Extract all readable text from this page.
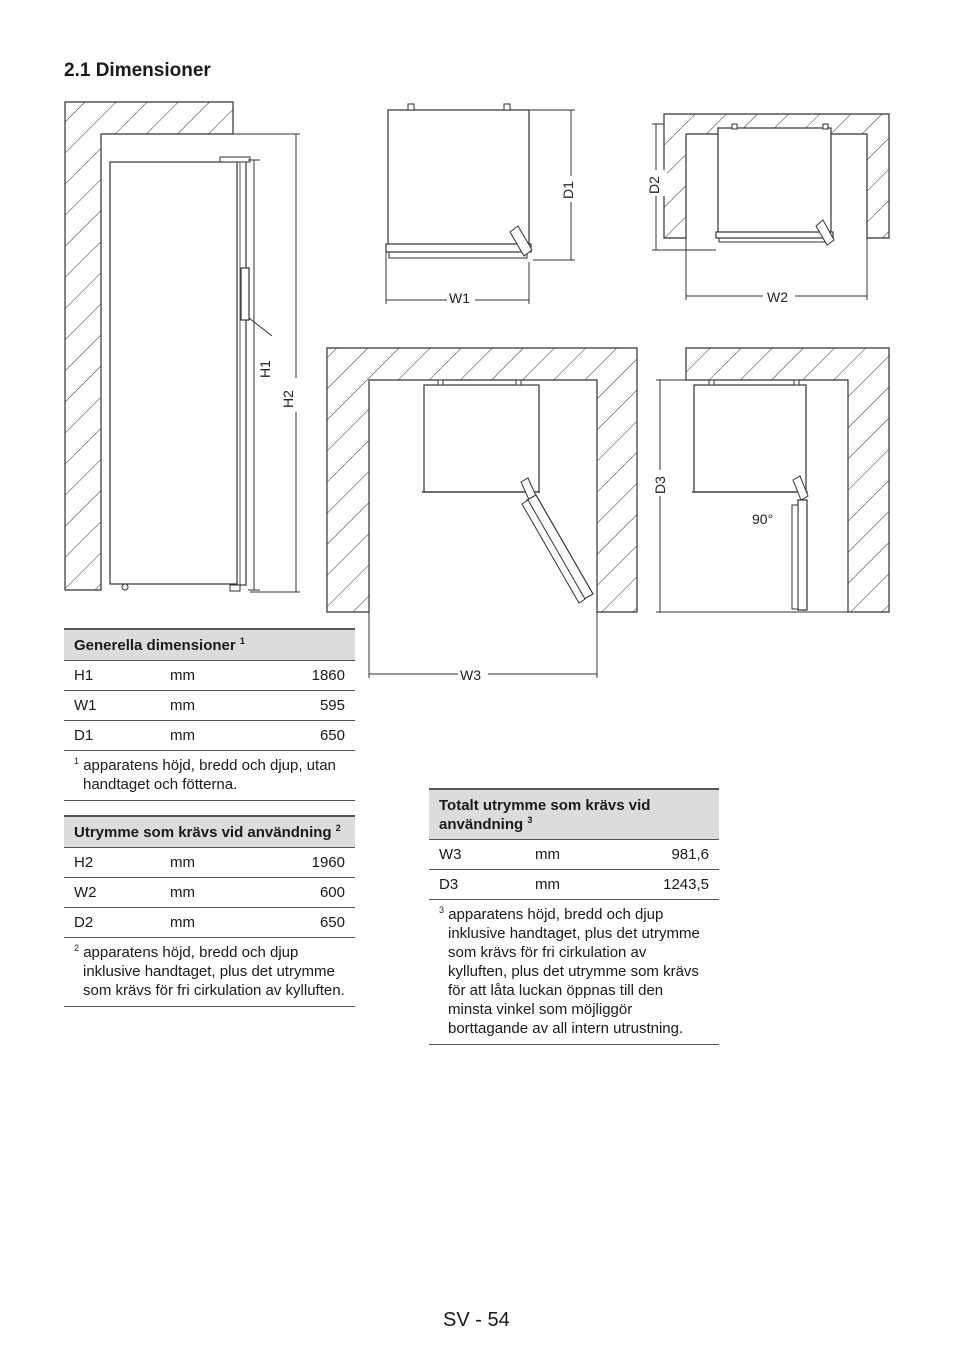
2.1 Dimensioner
H1
H2
W1
D1
W2
D2
W3
D3
90°
Generella dimensioner $^1$
H1	mm	1860
W1	mm	595
D1	mm	650

$^1$ apparatens höjd, bredd och djup, utan handtaget och fötterna.		
Utrymme som krävs vid användning $^2$
H2	mm	1960
W2	mm	600
D2	mm	650

$^2$ apparatens höjd, bredd och djup inklusive handtaget, plus det utrymme som krävs för fri cirkulation av kylluften.		
Totalt utrymme som krävs vid användning $^3$
W3	mm	981,6
D3	mm	1243,5

$^3$ apparatens höjd, bredd och djup inklusive handtaget, plus det utrymme som krävs för fri cirkulation av kylluften, plus det utrymme som krävs för att låta luckan öppnas till den minsta vinkel som möjliggör borttagande av all intern utrustning.		
SV - 54
